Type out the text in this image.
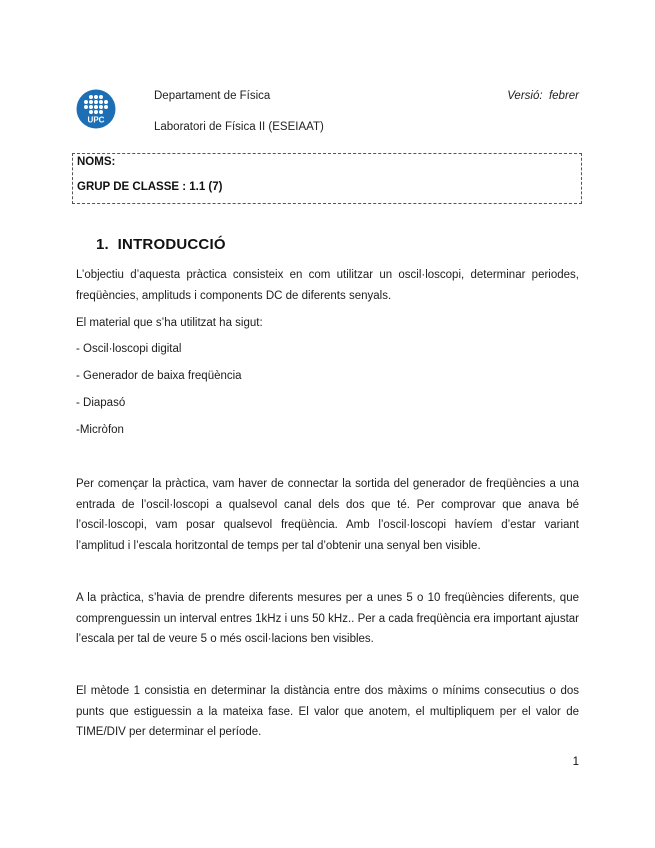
UPC
Departament de Física	Versió: febrer
Laboratori de Física II (ESEIAAT)
NOMS:
GRUP DE CLASSE : 1.1 (7)
1. INTRODUCCIÓ

L’objectiu d’aquesta pràctica consisteix en com utilitzar un oscil·loscopi, determinar periodes, freqüències, amplituds i components DC de diferents senyals.

El material que s’ha utilitzat ha sigut:
- Oscil·loscopi digital
- Generador de baixa freqüència
- Diapasó
-Micròfon

Per començar la pràctica, vam haver de connectar la sortida del generador de freqüències a una entrada de l’oscil·loscopi a qualsevol canal dels dos que té. Per comprovar que anava bé l’oscil·loscopi, vam posar qualsevol freqüència. Amb l’oscil·loscopi havíem d’estar variant l’amplitud i l’escala horitzontal de temps per tal d’obtenir una senyal ben visible.

A la pràctica, s’havia de prendre diferents mesures per a unes 5 o 10 freqüències diferents, que comprenguessin un interval entres 1kHz i uns 50 kHz.. Per a cada freqüència era important ajustar l’escala per tal de veure 5 o més oscil·lacions ben visibles.

El mètode 1 consistia en determinar la distància entre dos màxims o mínims consecutius o dos punts que estiguessin a la mateixa fase. El valor que anotem, el multipliquem per el valor de TIME/DIV per determinar el període.

1
